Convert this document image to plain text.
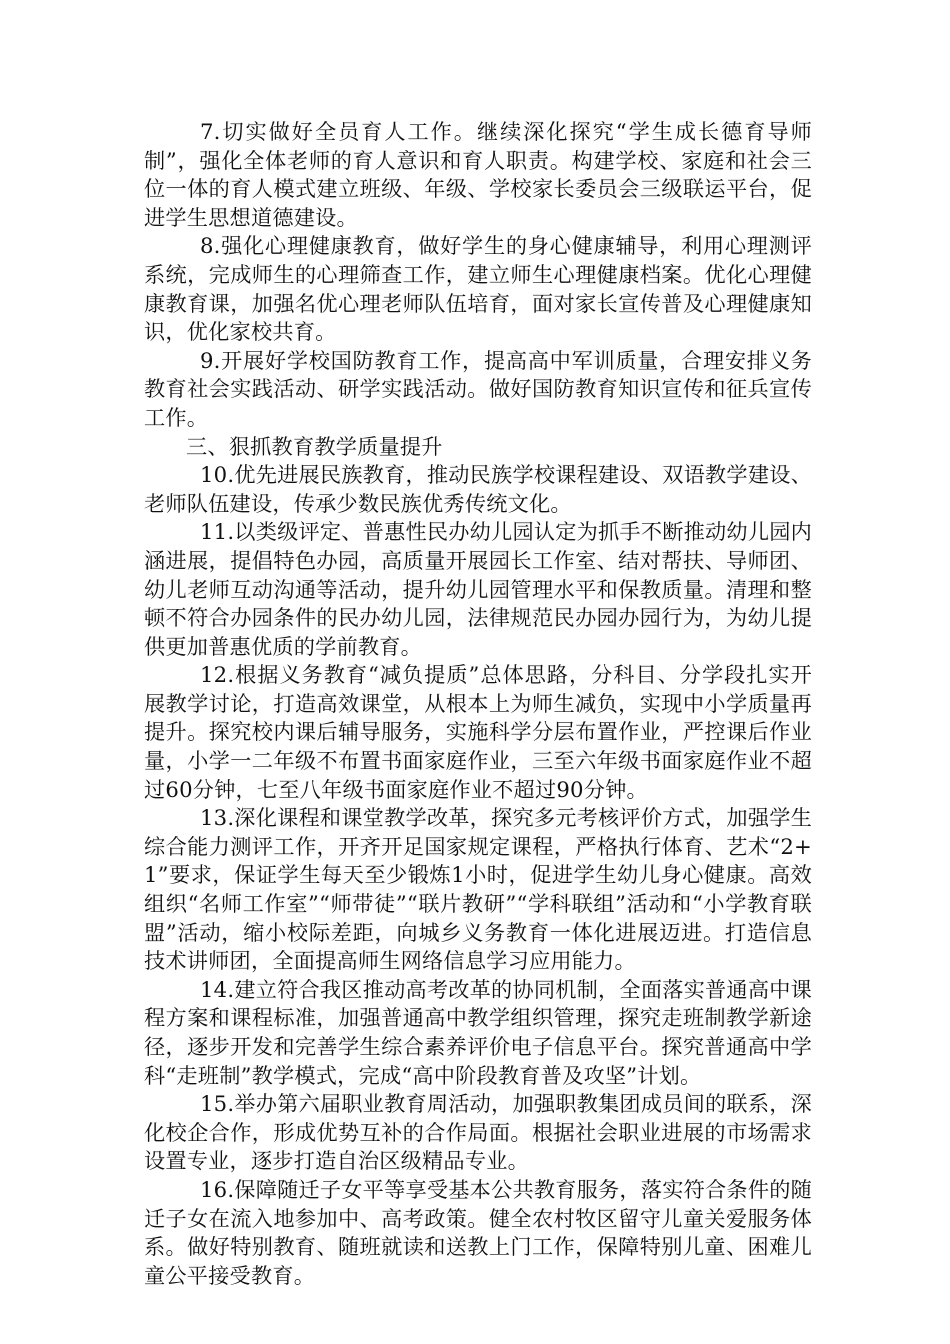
7.切实做好全员育人工作。继续深化探究“学生成长德育导师制”，强化全体老师的育人意识和育人职责。构建学校、家庭和社会三位一体的育人模式建立班级、年级、学校家长委员会三级联运平台，促进学生思想道德建设。

8.强化心理健康教育，做好学生的身心健康辅导，利用心理测评系统，完成师生的心理筛查工作，建立师生心理健康档案。优化心理健康教育课，加强名优心理老师队伍培育，面对家长宣传普及心理健康知识，优化家校共育。

9.开展好学校国防教育工作，提高高中军训质量，合理安排义务教育社会实践活动、研学实践活动。做好国防教育知识宣传和征兵宣传工作。

三、狠抓教育教学质量提升

10.优先进展民族教育，推动民族学校课程建设、双语教学建设、老师队伍建设，传承少数民族优秀传统文化。

11.以类级评定、普惠性民办幼儿园认定为抓手不断推动幼儿园内涵进展，提倡特色办园，高质量开展园长工作室、结对帮扶、导师团、幼儿老师互动沟通等活动，提升幼儿园管理水平和保教质量。清理和整顿不符合办园条件的民办幼儿园，法律规范民办园办园行为，为幼儿提供更加普惠优质的学前教育。

12.根据义务教育“减负提质”总体思路，分科目、分学段扎实开展教学讨论，打造高效课堂，从根本上为师生减负，实现中小学质量再提升。探究校内课后辅导服务，实施科学分层布置作业，严控课后作业量，小学一二年级不布置书面家庭作业，三至六年级书面家庭作业不超过60分钟，七至八年级书面家庭作业不超过90分钟。

13.深化课程和课堂教学改革，探究多元考核评价方式，加强学生综合能力测评工作，开齐开足国家规定课程，严格执行体育、艺术“2+1”要求，保证学生每天至少锻炼1小时，促进学生幼儿身心健康。高效组织“名师工作室”“师带徒”“联片教研”“学科联组”活动和“小学教育联盟”活动，缩小校际差距，向城乡义务教育一体化进展迈进。打造信息技术讲师团，全面提高师生网络信息学习应用能力。

14.建立符合我区推动高考改革的协同机制，全面落实普通高中课程方案和课程标准，加强普通高中教学组织管理，探究走班制教学新途径，逐步开发和完善学生综合素养评价电子信息平台。探究普通高中学科“走班制”教学模式，完成“高中阶段教育普及攻坚”计划。

15.举办第六届职业教育周活动，加强职教集团成员间的联系，深化校企合作，形成优势互补的合作局面。根据社会职业进展的市场需求设置专业，逐步打造自治区级精品专业。

16.保障随迁子女平等享受基本公共教育服务，落实符合条件的随迁子女在流入地参加中、高考政策。健全农村牧区留守儿童关爱服务体系。做好特别教育、随班就读和送教上门工作，保障特别儿童、困难儿童公平接受教育。
